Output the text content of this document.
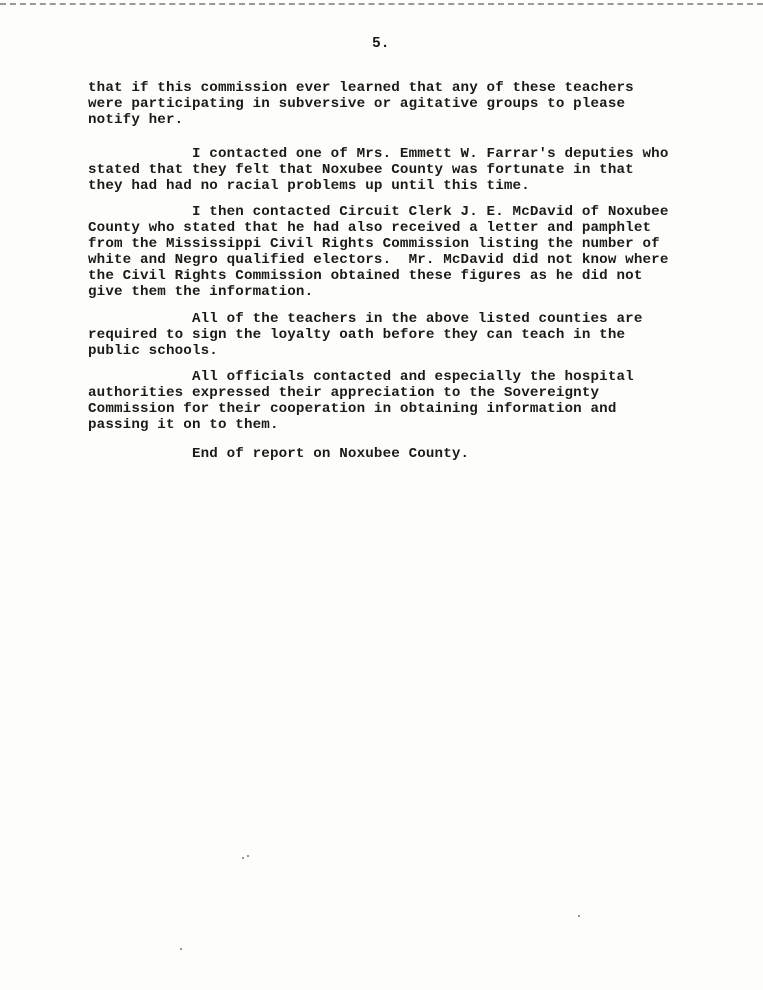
5.

that if this commission ever learned that any of these teachers
were participating in subversive or agitative groups to please
notify her.

I contacted one of Mrs. Emmett W. Farrar's deputies who
stated that they felt that Noxubee County was fortunate in that
they had had no racial problems up until this time.

I then contacted Circuit Clerk J. E. McDavid of Noxubee
County who stated that he had also received a letter and pamphlet
from the Mississippi Civil Rights Commission listing the number of
white and Negro qualified electors.  Mr. McDavid did not know where
the Civil Rights Commission obtained these figures as he did not
give them the information.

All of the teachers in the above listed counties are
required to sign the loyalty oath before they can teach in the
public schools.

All officials contacted and especially the hospital
authorities expressed their appreciation to the Sovereignty
Commission for their cooperation in obtaining information and
passing it on to them.

End of report on Noxubee County.
